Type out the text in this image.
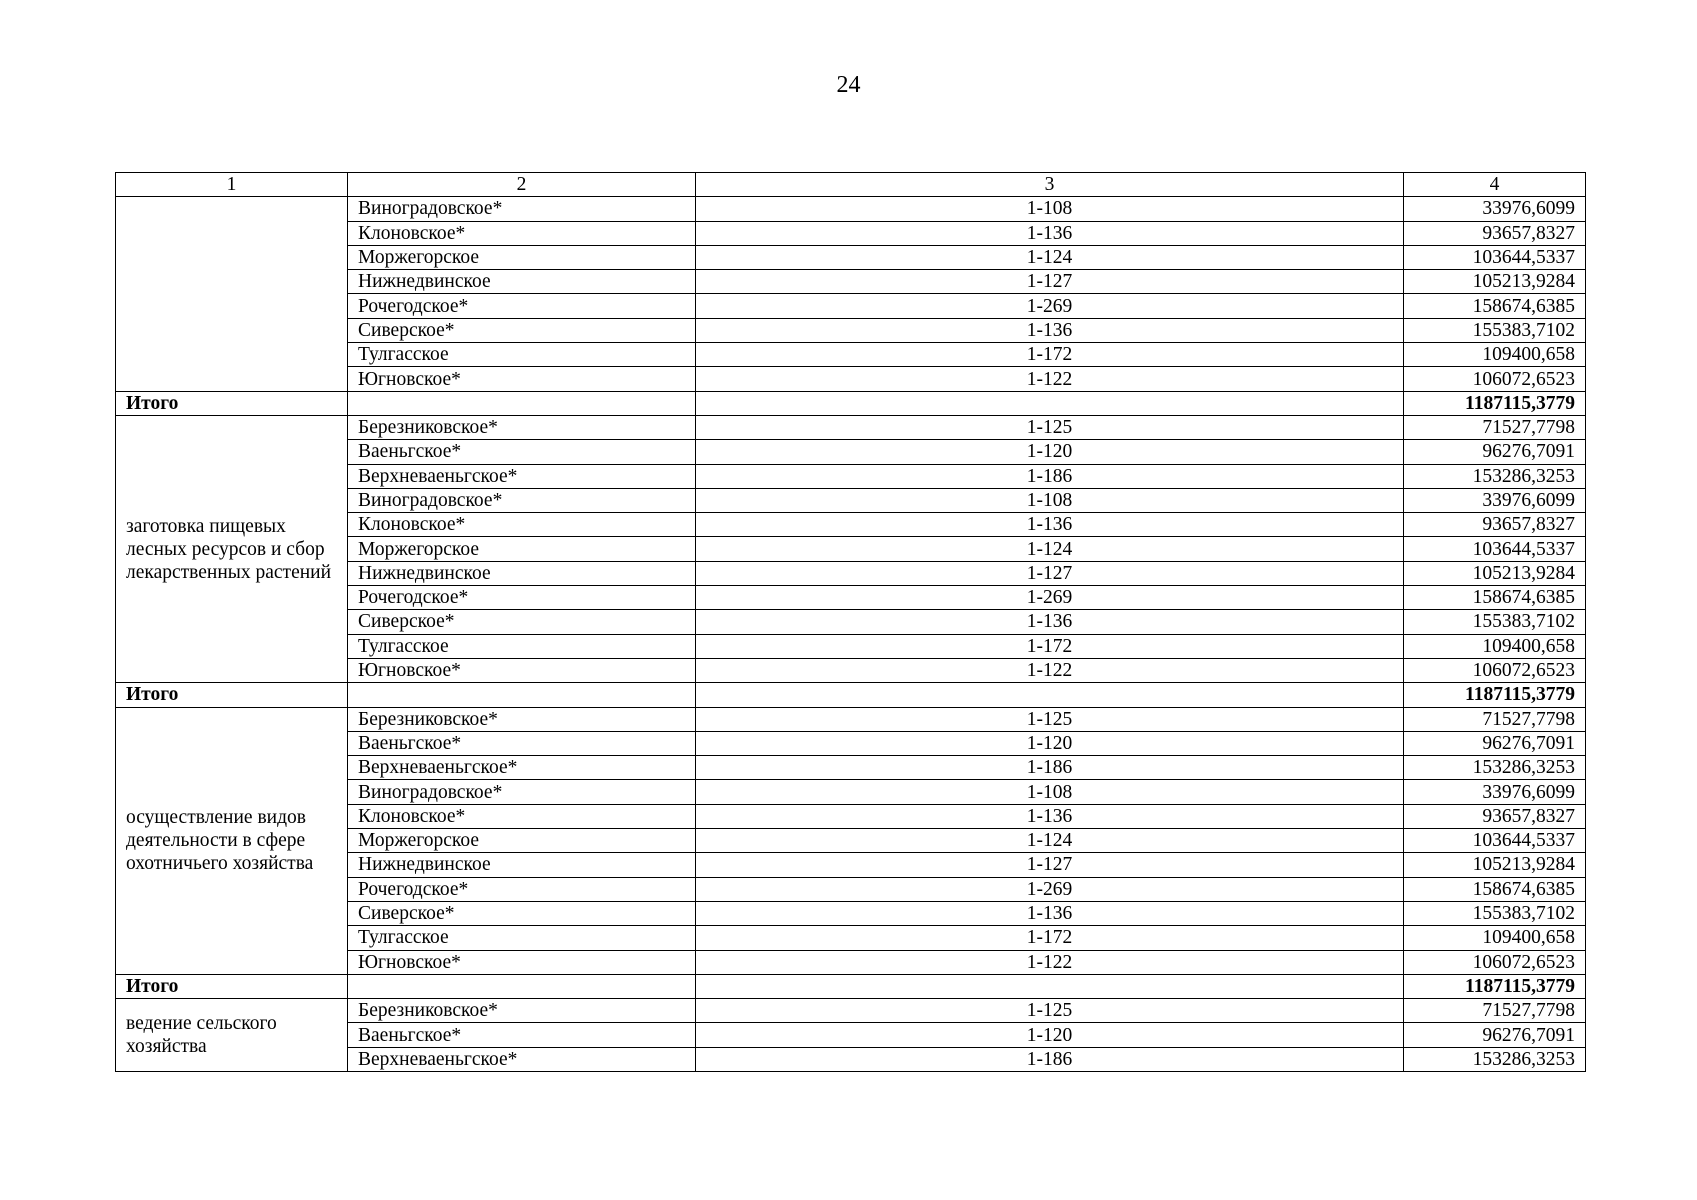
24
1	2	3	4
	Виноградовское*	1-108	33976,6099
	Клоновское*	1-136	93657,8327
	Моржегорское	1-124	103644,5337
	Нижнедвинское	1-127	105213,9284
	Рочегодское*	1-269	158674,6385
	Сиверское*	1-136	155383,7102
	Тулгасское	1-172	109400,658
	Югновское*	1-122	106072,6523
Итого			1187115,3779
заготовка пищевых лесных ресурсов и сбор лекарственных растений	Березниковское*	1-125	71527,7798
	Ваеньгское*	1-120	96276,7091
	Верхневаеньгское*	1-186	153286,3253
	Виноградовское*	1-108	33976,6099
	Клоновское*	1-136	93657,8327
	Моржегорское	1-124	103644,5337
	Нижнедвинское	1-127	105213,9284
	Рочегодское*	1-269	158674,6385
	Сиверское*	1-136	155383,7102
	Тулгасское	1-172	109400,658
	Югновское*	1-122	106072,6523
Итого			1187115,3779
осуществление видов деятельности в сфере охотничьего хозяйства	Березниковское*	1-125	71527,7798
	Ваеньгское*	1-120	96276,7091
	Верхневаеньгское*	1-186	153286,3253
	Виноградовское*	1-108	33976,6099
	Клоновское*	1-136	93657,8327
	Моржегорское	1-124	103644,5337
	Нижнедвинское	1-127	105213,9284
	Рочегодское*	1-269	158674,6385
	Сиверское*	1-136	155383,7102
	Тулгасское	1-172	109400,658
	Югновское*	1-122	106072,6523
Итого			1187115,3779
ведение сельского хозяйства	Березниковское*	1-125	71527,7798
	Ваеньгское*	1-120	96276,7091
	Верхневаеньгское*	1-186	153286,3253
